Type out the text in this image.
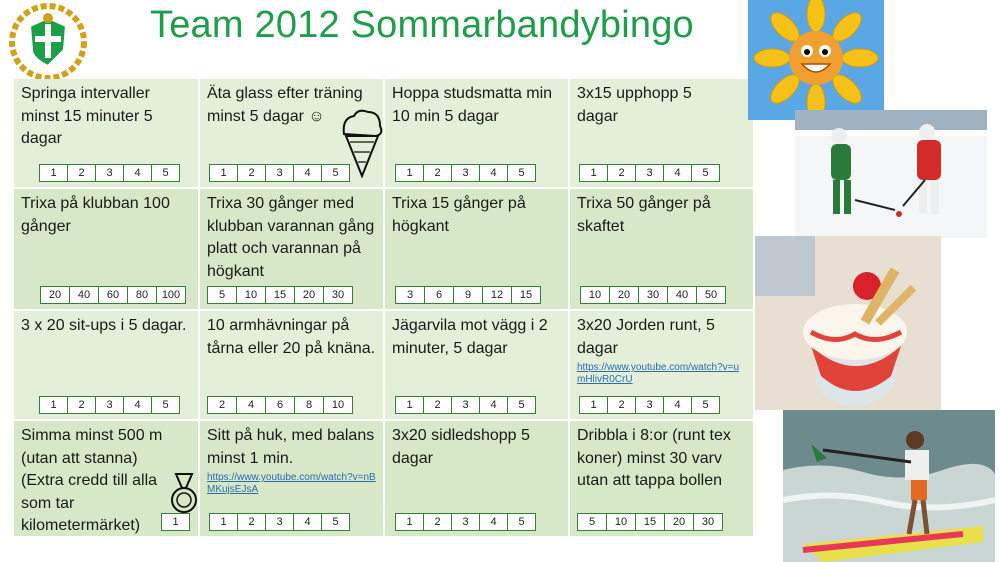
Team 2012 Sommarbandybingo
Springa intervaller minst 15 minuter 5 dagar
1	2	3	4	5
Äta glass efter träning minst 5 dagar ☺
1	2	3	4	5
Hoppa studsmatta min 10 min 5 dagar
1	2	3	4	5
3x15 upphopp 5 dagar
1	2	3	4	5
Trixa på klubban 100 gånger
20	40	60	80	100
Trixa 30 gånger med klubban varannan gång platt och varannan på högkant
5	10	15	20	30
Trixa 15 gånger på högkant
3	6	9	12	15
Trixa 50 gånger på skaftet
10	20	30	40	50
3 x 20 sit-ups i 5 dagar.
1	2	3	4	5
10 armhävningar på tårna eller 20 på knäna.
2	4	6	8	10
Jägarvila mot vägg i 2 minuter, 5 dagar
1	2	3	4	5
3x20 Jorden runt, 5 dagar
https://www.youtube.com/watch?v=umHlivR0CrU
1	2	3	4	5
Simma minst 500 m (utan att stanna) (Extra credd till alla som tar kilometermärket)	1
Sitt på huk, med balans minst 1 min.
https://www.youtube.com/watch?v=nBMKujsEJsA
1	2	3	4	5
3x20 sidledshopp 5 dagar
1	2	3	4	5
Dribbla i 8:or (runt tex koner) minst 30 varv utan att tappa bollen
5	10	15	20	30
